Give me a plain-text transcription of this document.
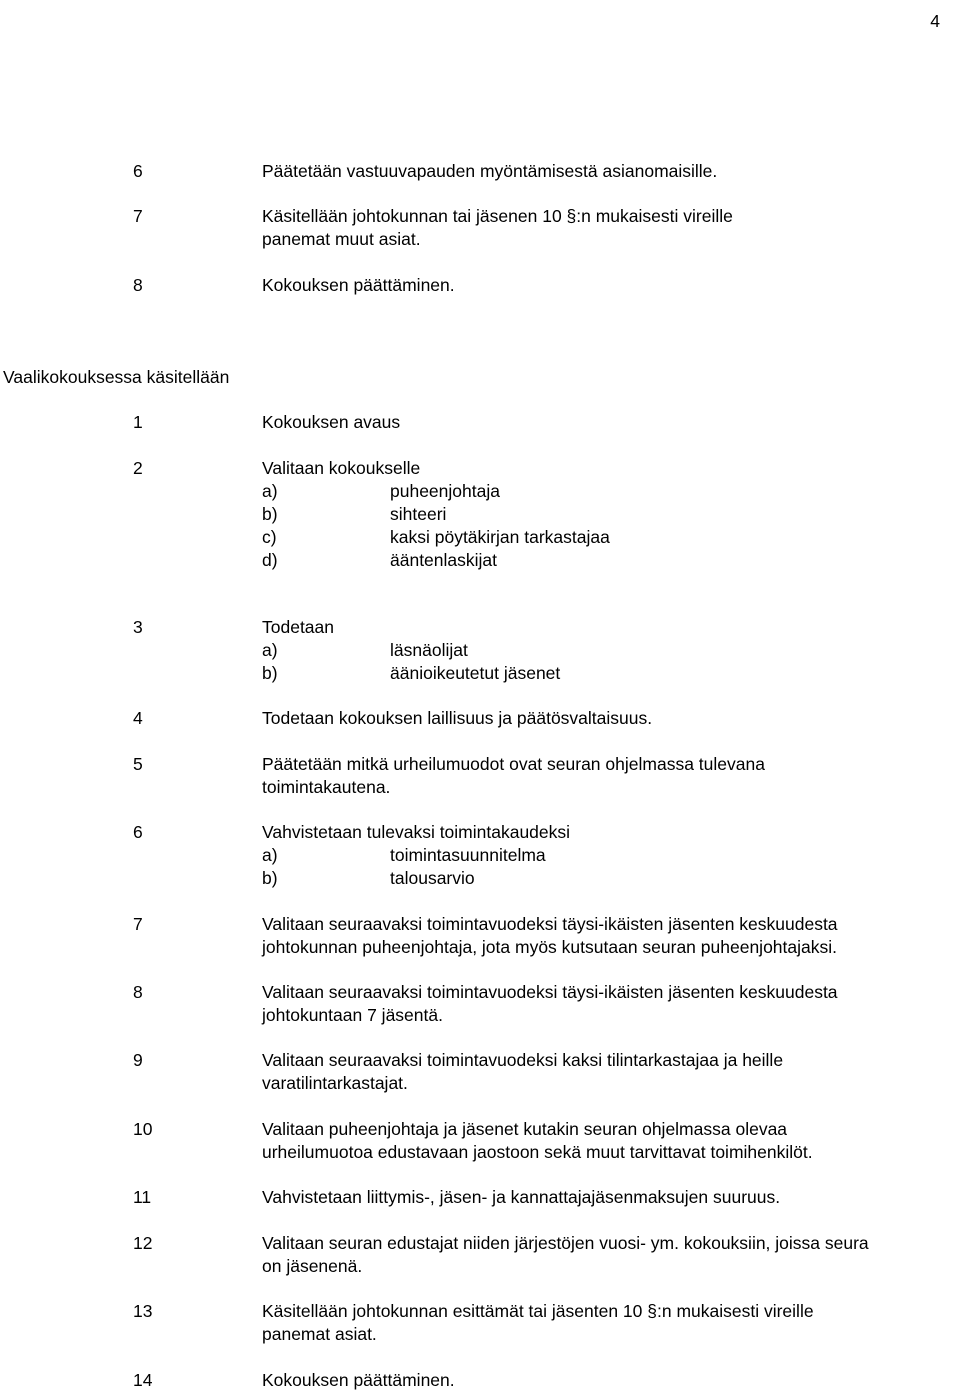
4
6	Päätetään vastuuvapauden myöntämisestä asianomaisille.
7	Käsitellään johtokunnan tai jäsenen 10 §:n mukaisesti vireille
panemat muut asiat.
8	Kokouksen päättäminen.
Vaalikokouksessa käsitellään
1	Kokouksen avaus
2	Valitaan kokoukselle
a)	puheenjohtaja
b)	sihteeri
c)	kaksi pöytäkirjan tarkastajaa
d)	ääntenlaskijat
3	Todetaan
a)	läsnäolijat
b)	äänioikeutetut jäsenet
4	Todetaan kokouksen laillisuus ja päätösvaltaisuus.
5	Päätetään mitkä urheilumuodot ovat seuran ohjelmassa tulevana
toimintakautena.
6	Vahvistetaan tulevaksi toimintakaudeksi
a)	toimintasuunnitelma
b)	talousarvio
7	Valitaan seuraavaksi toimintavuodeksi täysi-ikäisten jäsenten keskuudesta
johtokunnan puheenjohtaja, jota myös kutsutaan seuran puheenjohtajaksi.
8	Valitaan seuraavaksi toimintavuodeksi täysi-ikäisten jäsenten keskuudesta
johtokuntaan 7 jäsentä.
9	Valitaan seuraavaksi toimintavuodeksi kaksi tilintarkastajaa ja heille
varatilintarkastajat.
10	Valitaan puheenjohtaja ja jäsenet kutakin seuran ohjelmassa olevaa
urheilumuotoa edustavaan jaostoon sekä muut tarvittavat toimihenkilöt.
11	Vahvistetaan liittymis-, jäsen- ja kannattajajäsenmaksujen suuruus.
12	Valitaan seuran edustajat niiden järjestöjen vuosi- ym. kokouksiin, joissa seura
on jäsenenä.
13	Käsitellään johtokunnan esittämät tai jäsenten 10 §:n mukaisesti vireille
panemat asiat.
14	Kokouksen päättäminen.
